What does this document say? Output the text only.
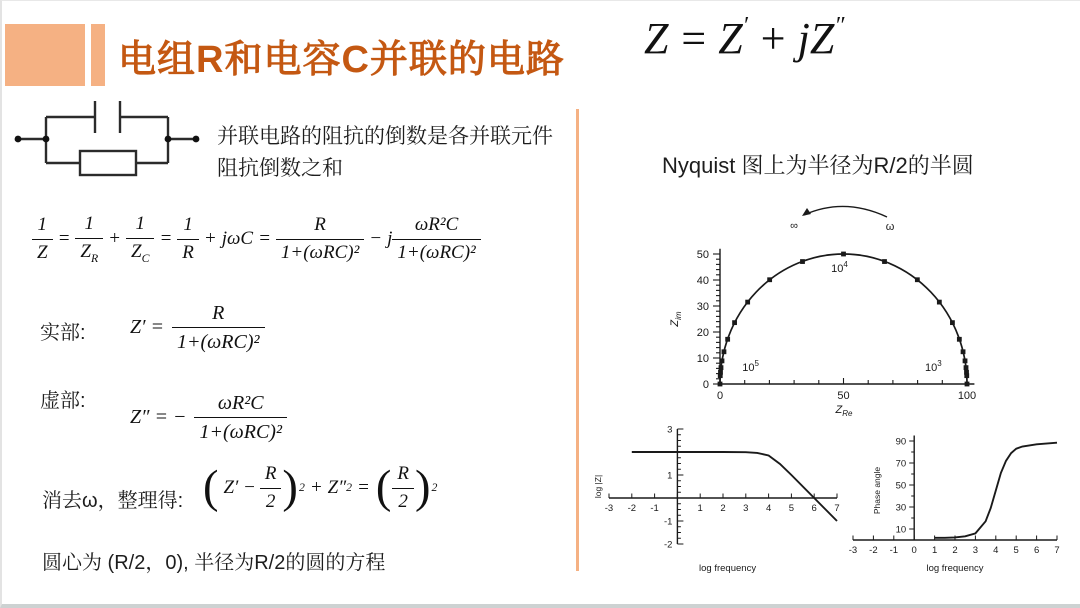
电组R和电容C并联的电路 Z = Z′ + jZ″
并联电路的阻抗的倒数是各并联元件
阻抗倒数之和
$\frac{1}{Z} = \frac{1}{Z_R} + \frac{1}{Z_C} = \frac{1}{R} + j\omega C = \frac{R}{\text{1+(ωRC)²}} - j \frac{\text{ωR²C}}{\text{1+(ωRC)²}}$
实部: $Z' = \frac{R}{\text{1+(ωRC)²}}$
虚部:
Z″ = − $\frac{\text{ωR²C}}{\text{1+(ωRC)²}}$
消去ω，整理得: ( $Z' - \frac{R}{2}$ ) 2 + Z″ 2 = ( $\frac{R}{2}$ ) 2
圆心为 (R/2，0), 半径为R/2的圆的方程
Nyquist 图上为半径为R/2的半圆
0
10
20
30
40
50
0	50	100
$10^4$
$10^5$	$10^3$
$Z_{Re}$
$Z_{im}$
∞	ω
3
1
-1
-2
-3 -2 -1	1 2 3 4 5 6 7
log |Z|
log frequency
10
30
50
70
90
-3 -2 -1 0 1 2 3 4 5 6 7
Phase angle
log frequency
